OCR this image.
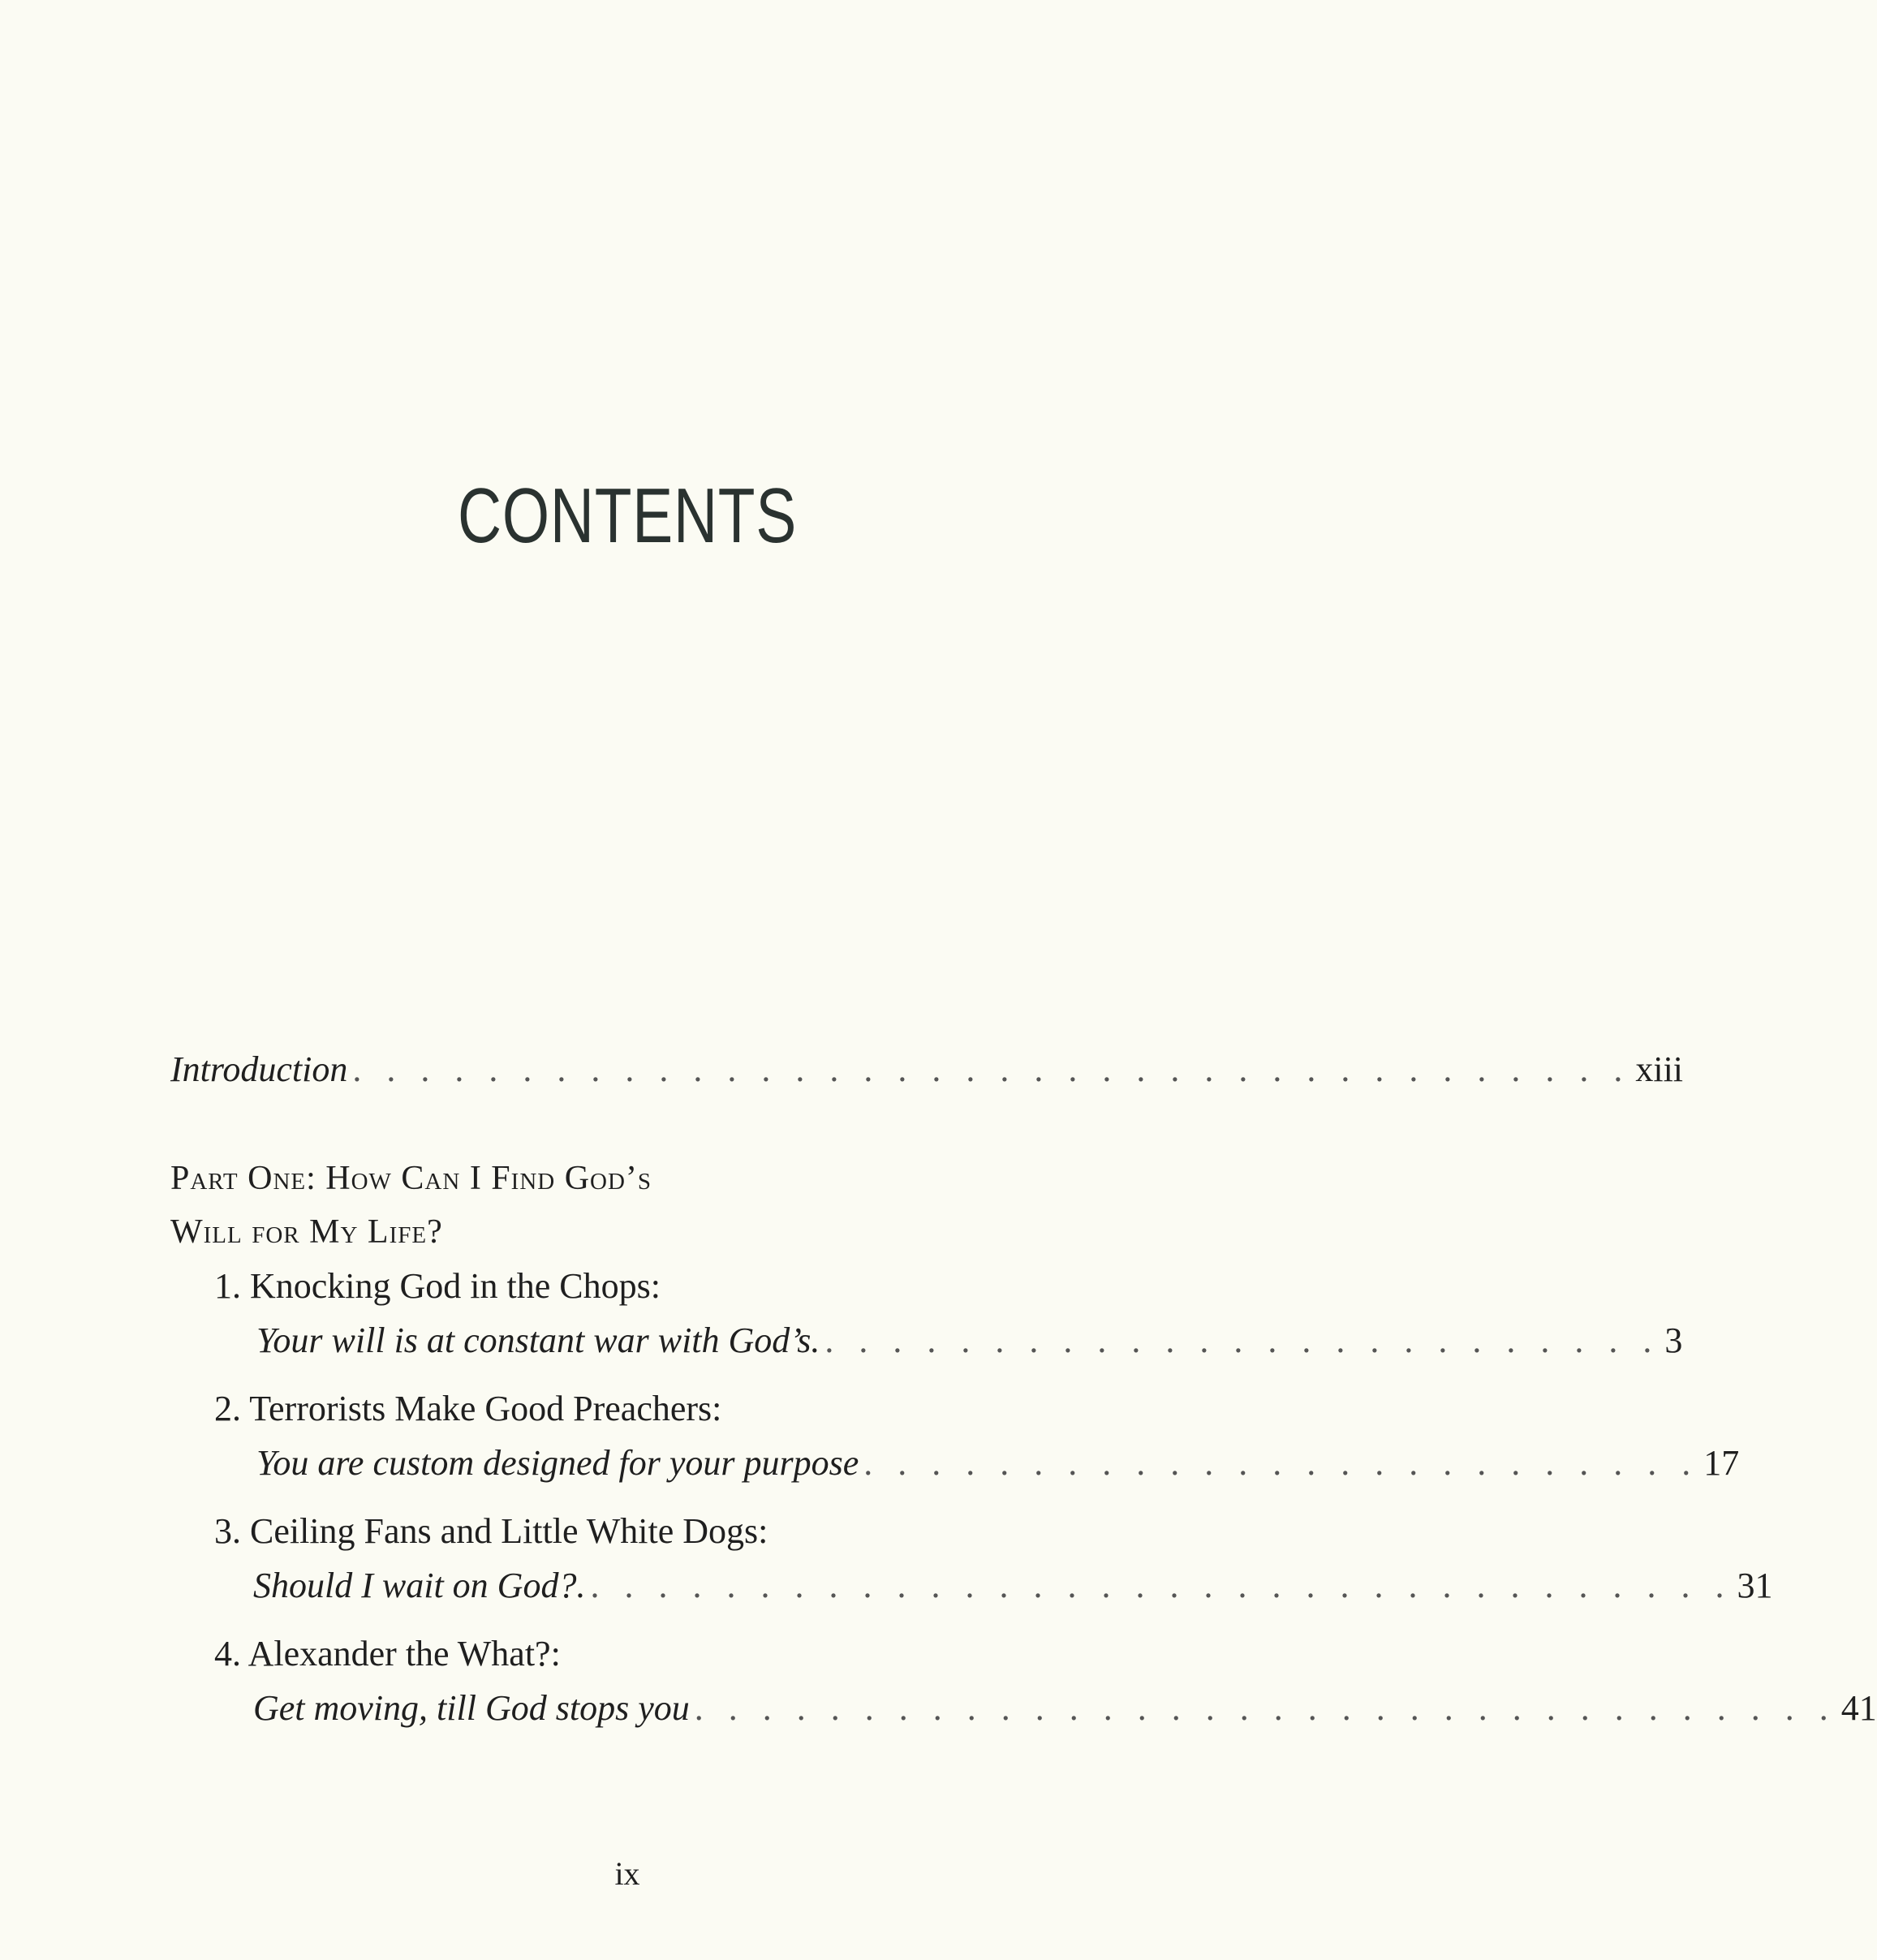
CONTENTS
Introduction . . . . . . . . . . . . . . . . . . . . . . . . . . . . . . . . . . . . . . xiii
Part One: How Can I Find God’s
Will for My Life?
1. Knocking God in the Chops:
Your will is at constant war with God’s. . . . . . . . . . . . . . . . . . . . . . . . . . 3
2. Terrorists Make Good Preachers:
You are custom designed for your purpose . . . . . . . . . . . . . . . . . . . . . . . . . 17
3. Ceiling Fans and Little White Dogs:
Should I wait on God?. . . . . . . . . . . . . . . . . . . . . . . . . . . . . . . . . . . 31
4. Alexander the What?:
Get moving, till God stops you . . . . . . . . . . . . . . . . . . . . . . . . . . . . . . . . . . 41
ix
